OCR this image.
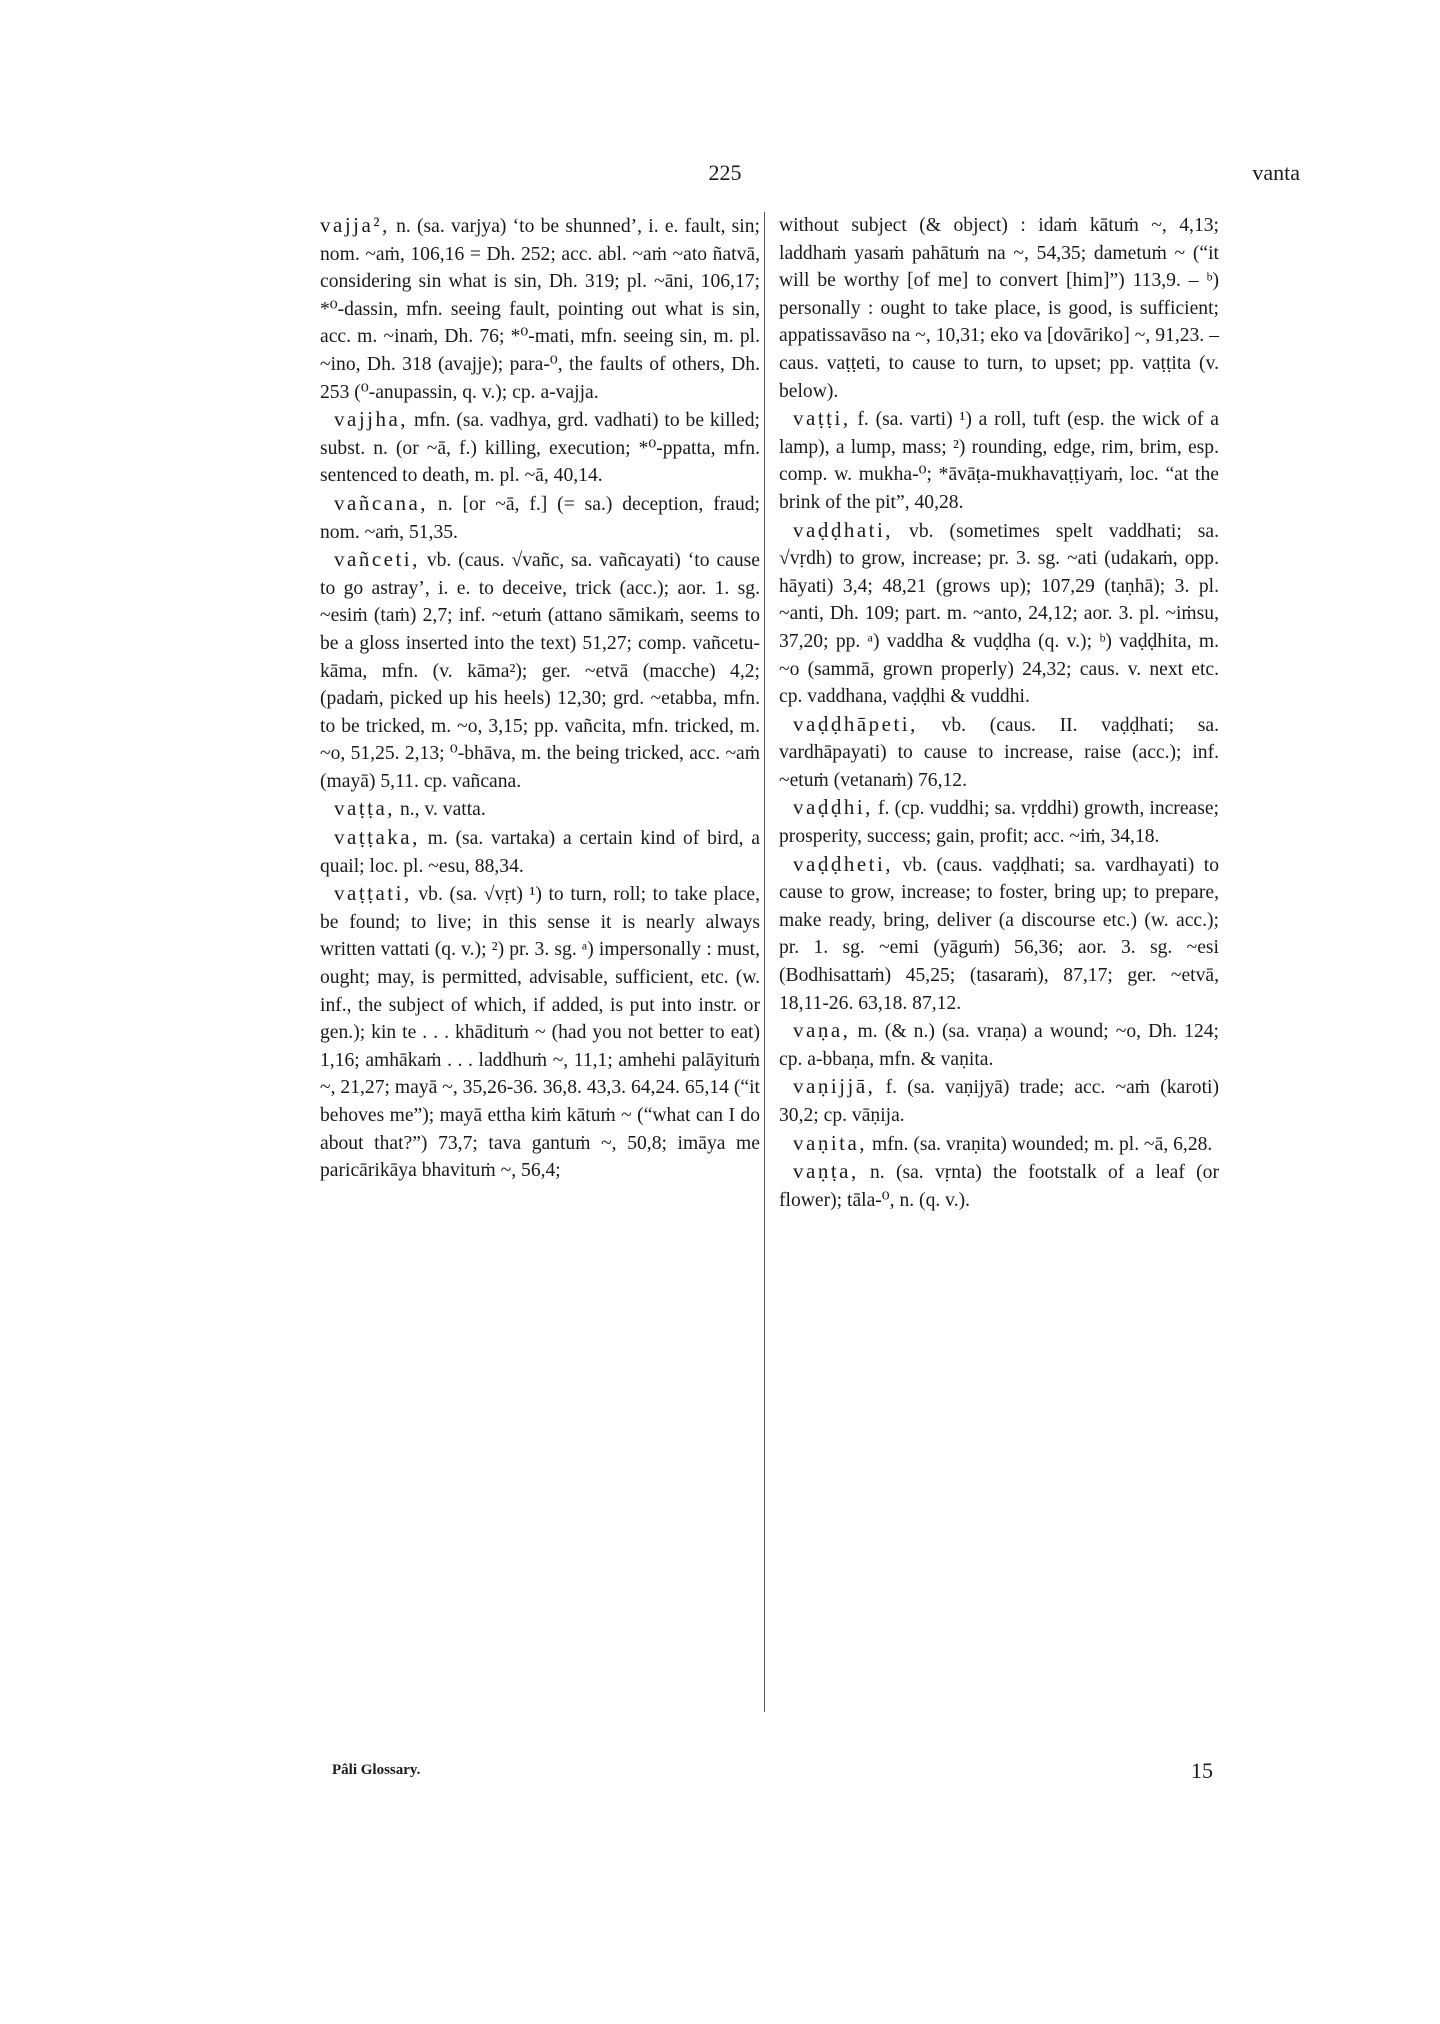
225	vanta

vajja², n. (sa. varjya) ‘to be shunned’, i. e. fault, sin; nom. ~aṁ, 106,16 = Dh. 252; acc. abl. ~aṁ ~ato ñatvā, considering sin what is sin, Dh. 319; pl. ~āni, 106,17; *⁰-dassin, mfn. seeing fault, pointing out what is sin, acc. m. ~inaṁ, Dh. 76; *⁰-mati, mfn. seeing sin, m. pl. ~ino, Dh. 318 (avajje); para-⁰, the faults of others, Dh. 253 (⁰-anupassin, q. v.); cp. a-vajja.

vajjha, mfn. (sa. vadhya, grd. vadhati) to be killed; subst. n. (or ~ā, f.) killing, execution; *⁰-ppatta, mfn. sentenced to death, m. pl. ~ā, 40,14.

vañcana, n. [or ~ā, f.] (= sa.) deception, fraud; nom. ~aṁ, 51,35.

vañceti, vb. (caus. √vañc, sa. vañcayati) ‘to cause to go astray’, i. e. to deceive, trick (acc.); aor. 1. sg. ~esiṁ (taṁ) 2,7; inf. ~etuṁ (attano sāmikaṁ, seems to be a gloss inserted into the text) 51,27; comp. vañcetu-kāma, mfn. (v. kāma²); ger. ~etvā (macche) 4,2; (padaṁ, picked up his heels) 12,30; grd. ~etabba, mfn. to be tricked, m. ~o, 3,15; pp. vañcita, mfn. tricked, m. ~o, 51,25. 2,13; ⁰-bhāva, m. the being tricked, acc. ~aṁ (mayā) 5,11. cp. vañcana.

vaṭṭa, n., v. vatta.

vaṭṭaka, m. (sa. vartaka) a certain kind of bird, a quail; loc. pl. ~esu, 88,34.

vaṭṭati, vb. (sa. √vṛt) ¹) to turn, roll; to take place, be found; to live; in this sense it is nearly always written vattati (q. v.); ²) pr. 3. sg. ᵃ) impersonally : must, ought; may, is permitted, advisable, sufficient, etc. (w. inf., the subject of which, if added, is put into instr. or gen.); kin te . . . khādituṁ ~ (had you not better to eat) 1,16; amhākaṁ . . . laddhuṁ ~, 11,1; amhehi palāyituṁ ~, 21,27; mayā ~, 35,26-36. 36,8. 43,3. 64,24. 65,14 (“it behoves me”); mayā ettha kiṁ kātuṁ ~ (“what can I do about that?”) 73,7; tava gantuṁ ~, 50,8; imāya me paricārikāya bhavituṁ ~, 56,4;

without subject (& object) : idaṁ kātuṁ ~, 4,13; laddhaṁ yasaṁ pahātuṁ na ~, 54,35; dametuṁ ~ (“it will be worthy [of me] to convert [him]”) 113,9. – ᵇ) personally : ought to take place, is good, is sufficient; appatissavāso na ~, 10,31; eko va [dovāriko] ~, 91,23. – caus. vaṭṭeti, to cause to turn, to upset; pp. vaṭṭita (v. below).

vaṭṭi, f. (sa. varti) ¹) a roll, tuft (esp. the wick of a lamp), a lump, mass; ²) rounding, edge, rim, brim, esp. comp. w. mukha-⁰; *āvāṭa-mukhavaṭṭiyaṁ, loc. “at the brink of the pit”, 40,28.

vaḍḍhati, vb. (sometimes spelt vaddhati; sa. √vṛdh) to grow, increase; pr. 3. sg. ~ati (udakaṁ, opp. hāyati) 3,4; 48,21 (grows up); 107,29 (taṇhā); 3. pl. ~anti, Dh. 109; part. m. ~anto, 24,12; aor. 3. pl. ~iṁsu, 37,20; pp. ᵃ) vaddha & vuḍḍha (q. v.); ᵇ) vaḍḍhita, m. ~o (sammā, grown properly) 24,32; caus. v. next etc. cp. vaddhana, vaḍḍhi & vuddhi.

vaḍḍhāpeti, vb. (caus. II. vaḍḍhati; sa. vardhāpayati) to cause to increase, raise (acc.); inf. ~etuṁ (vetanaṁ) 76,12.

vaḍḍhi, f. (cp. vuddhi; sa. vṛddhi) growth, increase; prosperity, success; gain, profit; acc. ~iṁ, 34,18.

vaḍḍheti, vb. (caus. vaḍḍhati; sa. vardhayati) to cause to grow, increase; to foster, bring up; to prepare, make ready, bring, deliver (a discourse etc.) (w. acc.); pr. 1. sg. ~emi (yāguṁ) 56,36; aor. 3. sg. ~esi (Bodhisattaṁ) 45,25; (tasaraṁ), 87,17; ger. ~etvā, 18,11-26. 63,18. 87,12.

vaṇa, m. (& n.) (sa. vraṇa) a wound; ~o, Dh. 124; cp. a-bbaṇa, mfn. & vaṇita.

vaṇijjā, f. (sa. vaṇijyā) trade; acc. ~aṁ (karoti) 30,2; cp. vāṇija.

vaṇita, mfn. (sa. vraṇita) wounded; m. pl. ~ā, 6,28.

vaṇṭa, n. (sa. vṛnta) the footstalk of a leaf (or flower); tāla-⁰, n. (q. v.).

Pâli Glossary.	15
